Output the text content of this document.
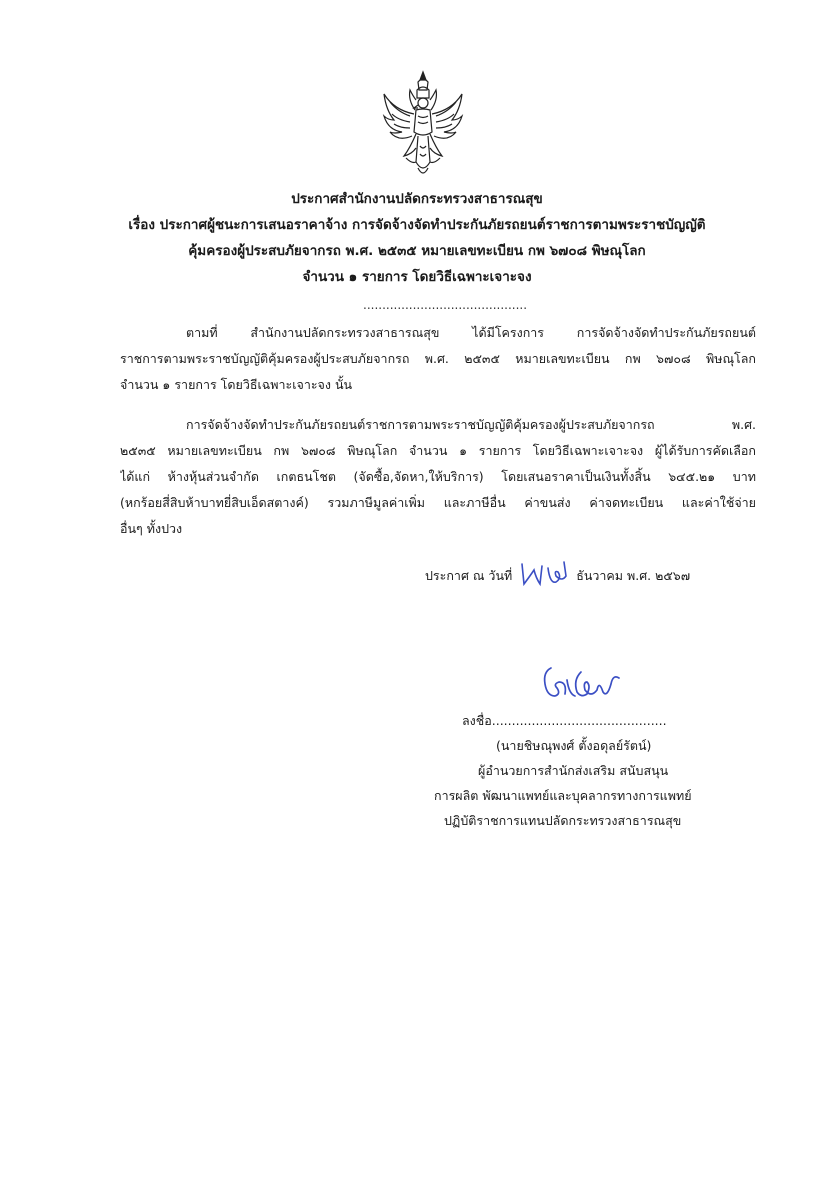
ประกาศสำนักงานปลัดกระทรวงสาธารณสุข
เรื่อง ประกาศผู้ชนะการเสนอราคาจ้าง การจัดจ้างจัดทำประกันภัยรถยนต์ราชการตามพระราชบัญญัติ
คุ้มครองผู้ประสบภัยจากรถ พ.ศ. ๒๕๓๕ หมายเลขทะเบียน กพ ๖๗๐๘ พิษณุโลก
จำนวน ๑ รายการ โดยวิธีเฉพาะเจาะจง
...........................................
ตามที่ สำนักงานปลัดกระทรวงสาธารณสุข ได้มีโครงการ การจัดจ้างจัดทำประกันภัยรถยนต์
ราชการตามพระราชบัญญัติคุ้มครองผู้ประสบภัยจากรถ พ.ศ. ๒๕๓๕ หมายเลขทะเบียน กพ ๖๗๐๘ พิษณุโลก
จำนวน ๑ รายการ โดยวิธีเฉพาะเจาะจง นั้น
การจัดจ้างจัดทำประกันภัยรถยนต์ราชการตามพระราชบัญญัติคุ้มครองผู้ประสบภัยจากรถ พ.ศ.
๒๕๓๕ หมายเลขทะเบียน กพ ๖๗๐๘ พิษณุโลก จำนวน ๑ รายการ โดยวิธีเฉพาะเจาะจง ผู้ได้รับการคัดเลือก
ได้แก่ ห้างหุ้นส่วนจำกัด เกตธนโชต (จัดซื้อ,จัดหา,ให้บริการ) โดยเสนอราคาเป็นเงินทั้งสิ้น ๖๔๕.๒๑ บาท
(หกร้อยสี่สิบห้าบาทยี่สิบเอ็ดสตางค์) รวมภาษีมูลค่าเพิ่ม และภาษีอื่น ค่าขนส่ง ค่าจดทะเบียน และค่าใช้จ่าย
อื่นๆ ทั้งปวง
ประกาศ ณ วันที่	ธันวาคม พ.ศ. ๒๕๖๗
ลงชื่อ............................................
(นายชิษณุพงศ์ ตั้งอดุลย์รัตน์)
ผู้อำนวยการสำนักส่งเสริม สนับสนุน
การผลิต พัฒนาแพทย์และบุคลากรทางการแพทย์
ปฏิบัติราชการแทนปลัดกระทรวงสาธารณสุข
